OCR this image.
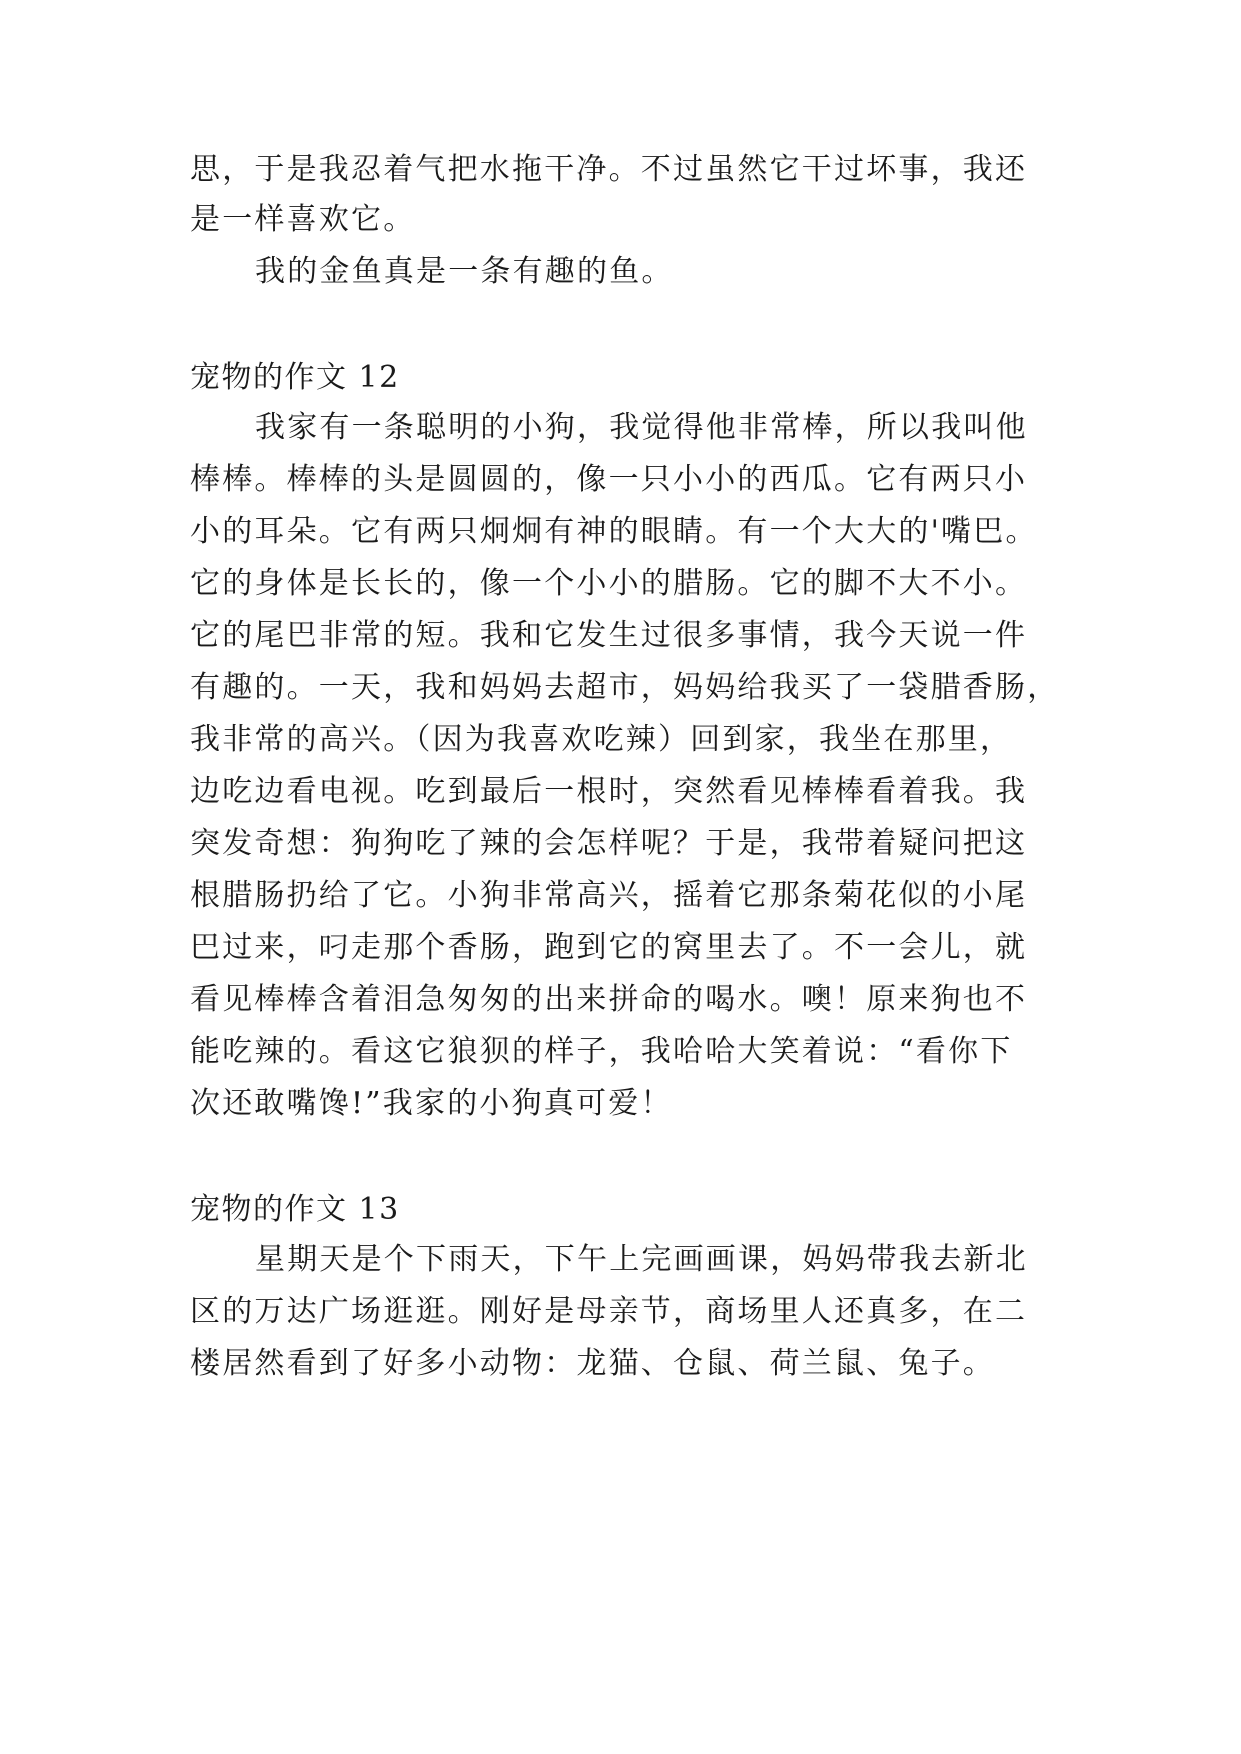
思，于是我忍着气把水拖干净。不过虽然它干过坏事，我还
是一样喜欢它。
我的金鱼真是一条有趣的鱼。
宠物的作文 12
我家有一条聪明的小狗，我觉得他非常棒，所以我叫他
棒棒。棒棒的头是圆圆的，像一只小小的西瓜。它有两只小
小的耳朵。它有两只炯炯有神的眼睛。有一个大大的'嘴巴。
它的身体是长长的，像一个小小的腊肠。它的脚不大不小。
它的尾巴非常的短。我和它发生过很多事情，我今天说一件
有趣的。一天，我和妈妈去超市，妈妈给我买了一袋腊香肠，
我非常的高兴。（因为我喜欢吃辣）回到家，我坐在那里，
边吃边看电视。吃到最后一根时，突然看见棒棒看着我。我
突发奇想：狗狗吃了辣的会怎样呢？于是，我带着疑问把这
根腊肠扔给了它。小狗非常高兴，摇着它那条菊花似的小尾
巴过来，叼走那个香肠，跑到它的窝里去了。不一会儿，就
看见棒棒含着泪急匆匆的出来拼命的喝水。噢！原来狗也不
能吃辣的。看这它狼狈的样子，我哈哈大笑着说：“看你下
次还敢嘴馋!”我家的小狗真可爱！
宠物的作文 13
星期天是个下雨天，下午上完画画课，妈妈带我去新北
区的万达广场逛逛。刚好是母亲节，商场里人还真多，在二
楼居然看到了好多小动物：龙猫、仓鼠、荷兰鼠、兔子。
